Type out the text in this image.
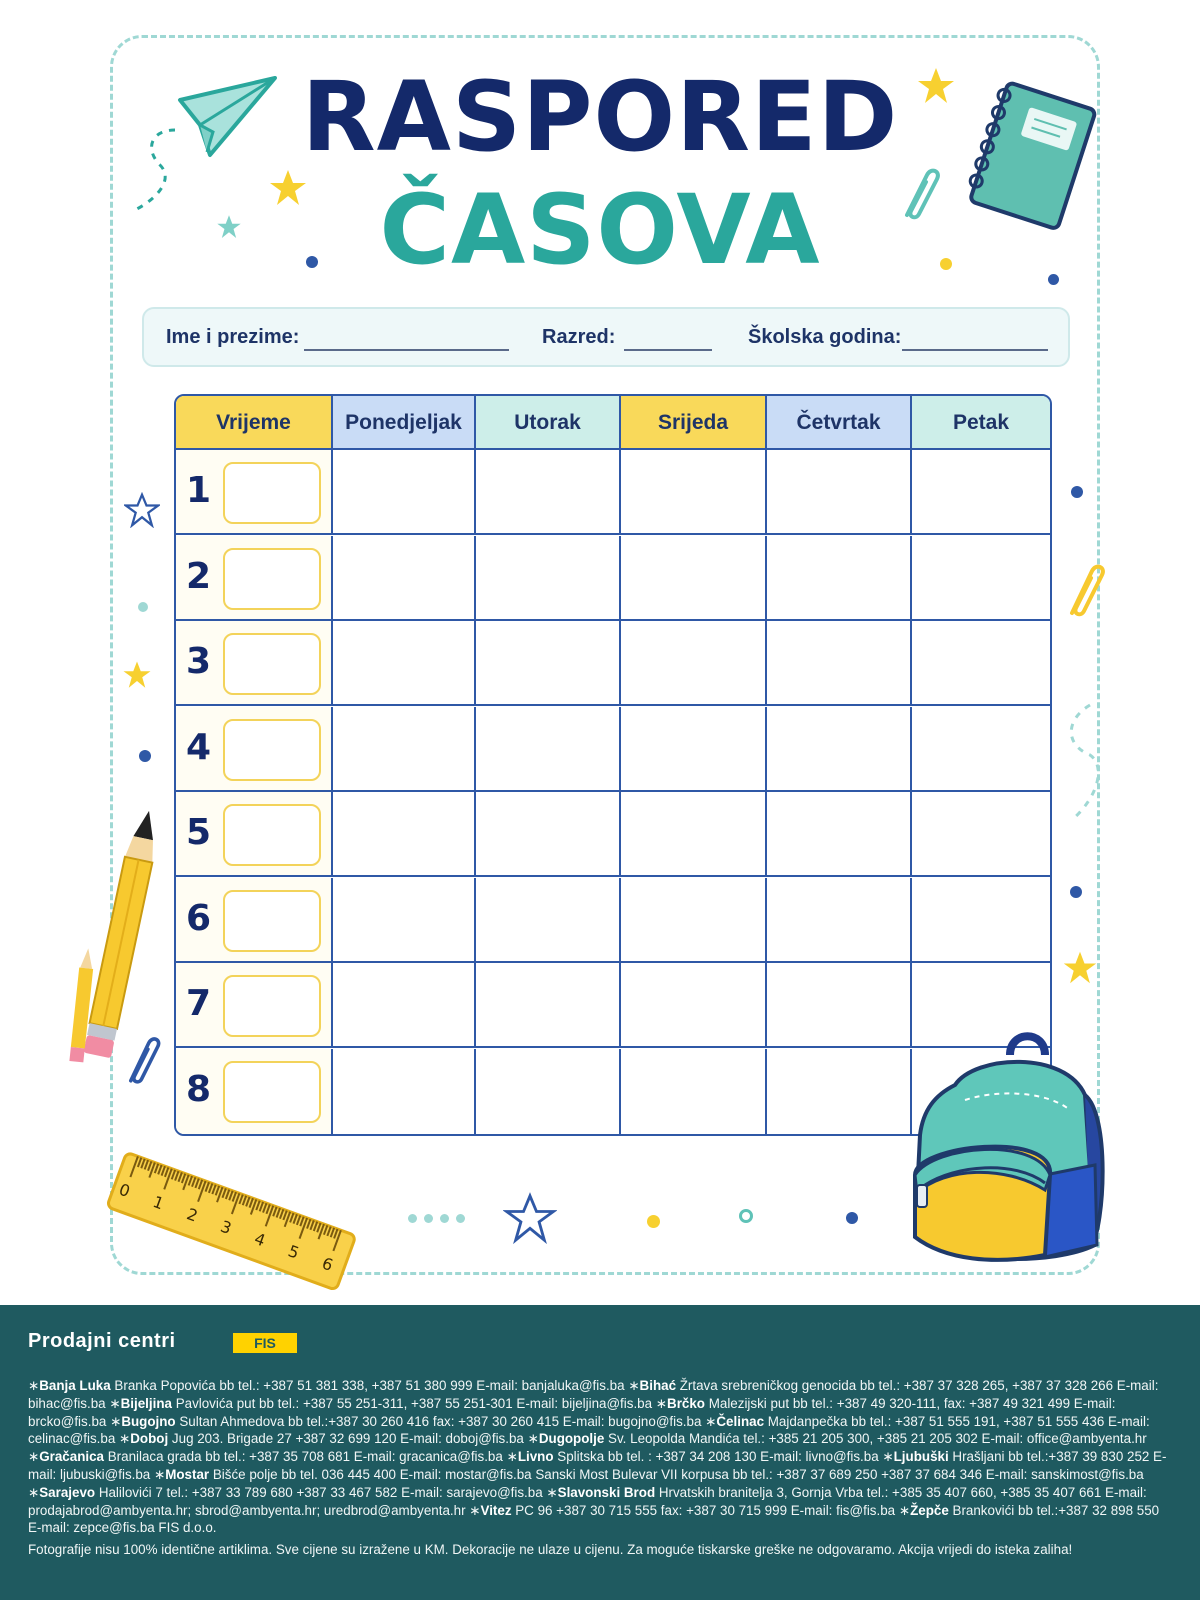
RASPORED
ČASOVA
Ime i prezime:	Razred:	Školska godina:
Vrijeme	Ponedjeljak	Utorak	Srijeda	Četvrtak	Petak
1
2
3
4
5
6
7
8
0
1
2
3
4
5
6
Prodajni centri	FIS
∗Banja Luka Branka Popovića bb tel.: +387 51 381 338, +387 51 380 999 E-mail: banjaluka@fis.ba ∗Bihać Žrtava srebreničkog genocida bb tel.: +387 37 328 265, +387 37 328 266 E-mail: bihac@fis.ba ∗Bijeljina Pavlovića put bb tel.: +387 55 251-311, +387 55 251-301 E-mail: bijeljina@fis.ba ∗Brčko Malezijski put bb tel.: +387 49 320-111, fax: +387 49 321 499 E-mail: brcko@fis.ba ∗Bugojno Sultan Ahmedova bb tel.:+387 30 260 416 fax: +387 30 260 415 E-mail: bugojno@fis.ba ∗Čelinac Majdanpečka bb tel.: +387 51 555 191, +387 51 555 436 E-mail: celinac@fis.ba ∗Doboj Jug 203. Brigade 27 +387 32 699 120 E-mail: doboj@fis.ba ∗Dugopolje Sv. Leopolda Mandića tel.: +385 21 205 300, +385 21 205 302 E-mail: office@ambyenta.hr ∗Gračanica Branilaca grada bb tel.: +387 35 708 681 E-mail: gracanica@fis.ba ∗Livno Splitska bb tel. : +387 34 208 130 E-mail: livno@fis.ba ∗Ljubuški Hrašljani bb tel.:+387 39 830 252 E-mail: ljubuski@fis.ba ∗Mostar Bišće polje bb tel. 036 445 400 E-mail: mostar@fis.ba Sanski Most Bulevar VII korpusa bb tel.: +387 37 689 250 +387 37 684 346 E-mail: sanskimost@fis.ba ∗Sarajevo Halilovići 7 tel.: +387 33 789 680 +387 33 467 582 E-mail: sarajevo@fis.ba ∗Slavonski Brod Hrvatskih branitelja 3, Gornja Vrba tel.: +385 35 407 660, +385 35 407 661 E-mail: prodajabrod@ambyenta.hr; sbrod@ambyenta.hr; uredbrod@ambyenta.hr ∗Vitez PC 96 +387 30 715 555 fax: +387 30 715 999 E-mail: fis@fis.ba ∗Žepče Brankovići bb tel.:+387 32 898 550 E-mail: zepce@fis.ba FIS d.o.o.
Fotografije nisu 100% identične artiklima. Sve cijene su izražene u KM. Dekoracije ne ulaze u cijenu. Za moguće tiskarske greške ne odgovaramo. Akcija vrijedi do isteka zaliha!
